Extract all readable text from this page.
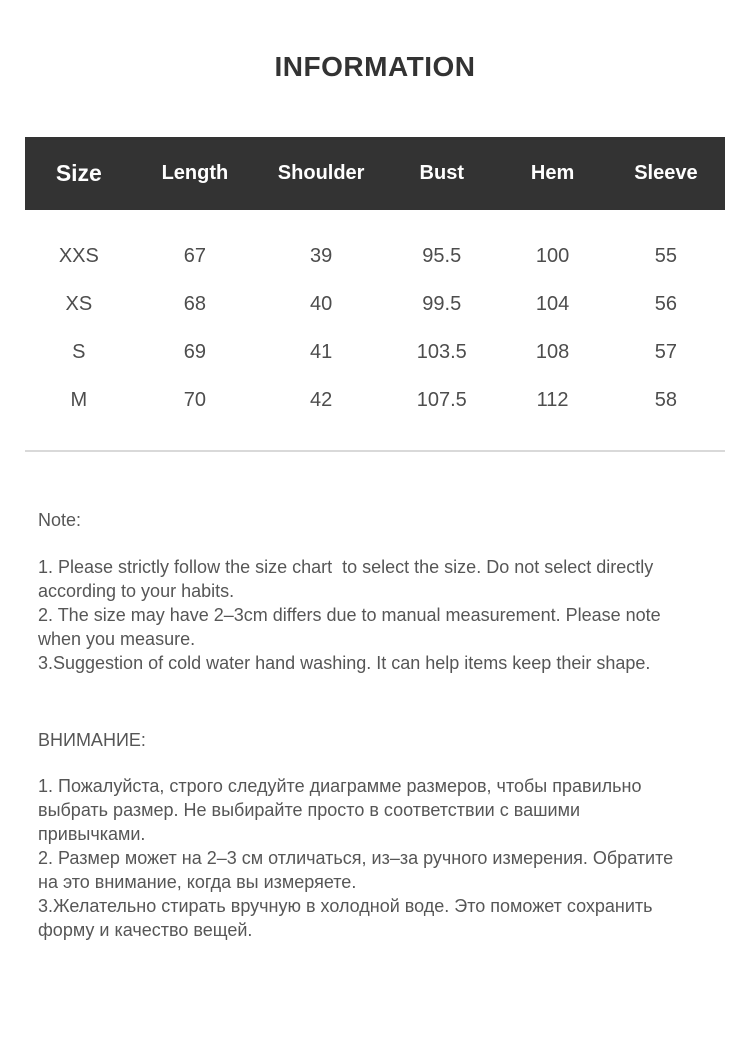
INFORMATION
Size	Length	Shoulder	Bust	Hem	Sleeve
XXS	67	39	95.5	100	55
XS	68	40	99.5	104	56
S	69	41	103.5	108	57
M	70	42	107.5	112	58
Note:
1. Please strictly follow the size chart  to select the size. Do not select directly
according to your habits.
2. The size may have 2–3cm differs due to manual measurement. Please note
when you measure.
3.Suggestion of cold water hand washing. It can help items keep their shape.
ВНИМАНИЕ:
1. Пожалуйста, строго следуйте диаграмме размеров, чтобы правильно
выбрать размер. Не выбирайте просто в соответствии с вашими
привычками.
2. Размер может на 2–3 см отличаться, из–за ручного измерения. Обратите
на это внимание, когда вы измеряете.
3.Желательно стирать вручную в холодной воде. Это поможет сохранить
форму и качество вещей.
